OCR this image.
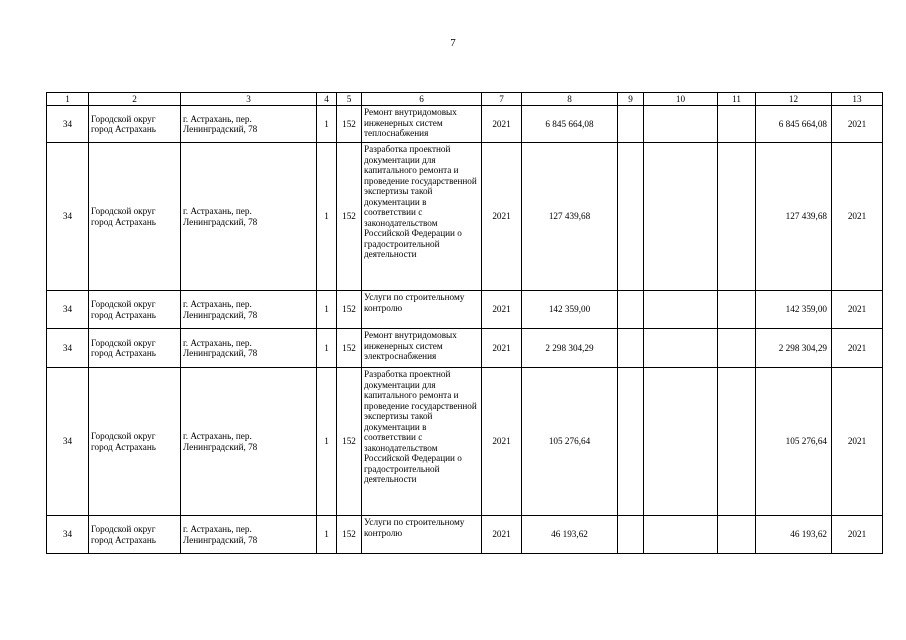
7
1	2	3	4	5	6	7	8	9	10	11	12	13
34	Городской округ город Астрахань	г. Астрахань, пер. Ленинградский, 78	1	152	Ремонт внутридомовых инженерных систем теплоснабжения	2021	6 845 664,08				6 845 664,08	2021
34	Городской округ город Астрахань	г. Астрахань, пер. Ленинградский, 78	1	152	Разработка проектной документации для капитального ремонта и проведение государственной экспертизы такой документации в соответствии с законодательством Российской Федерации о градостроительной деятельности	2021	127 439,68				127 439,68	2021
34	Городской округ город Астрахань	г. Астрахань, пер. Ленинградский, 78	1	152	Услуги по строительному контролю	2021	142 359,00				142 359,00	2021
34	Городской округ город Астрахань	г. Астрахань, пер. Ленинградский, 78	1	152	Ремонт внутридомовых инженерных систем электроснабжения	2021	2 298 304,29				2 298 304,29	2021
34	Городской округ город Астрахань	г. Астрахань, пер. Ленинградский, 78	1	152	Разработка проектной документации для капитального ремонта и проведение государственной экспертизы такой документации в соответствии с законодательством Российской Федерации о градостроительной деятельности	2021	105 276,64				105 276,64	2021
34	Городской округ город Астрахань	г. Астрахань, пер. Ленинградский, 78	1	152	Услуги по строительному контролю	2021	46 193,62				46 193,62	2021
